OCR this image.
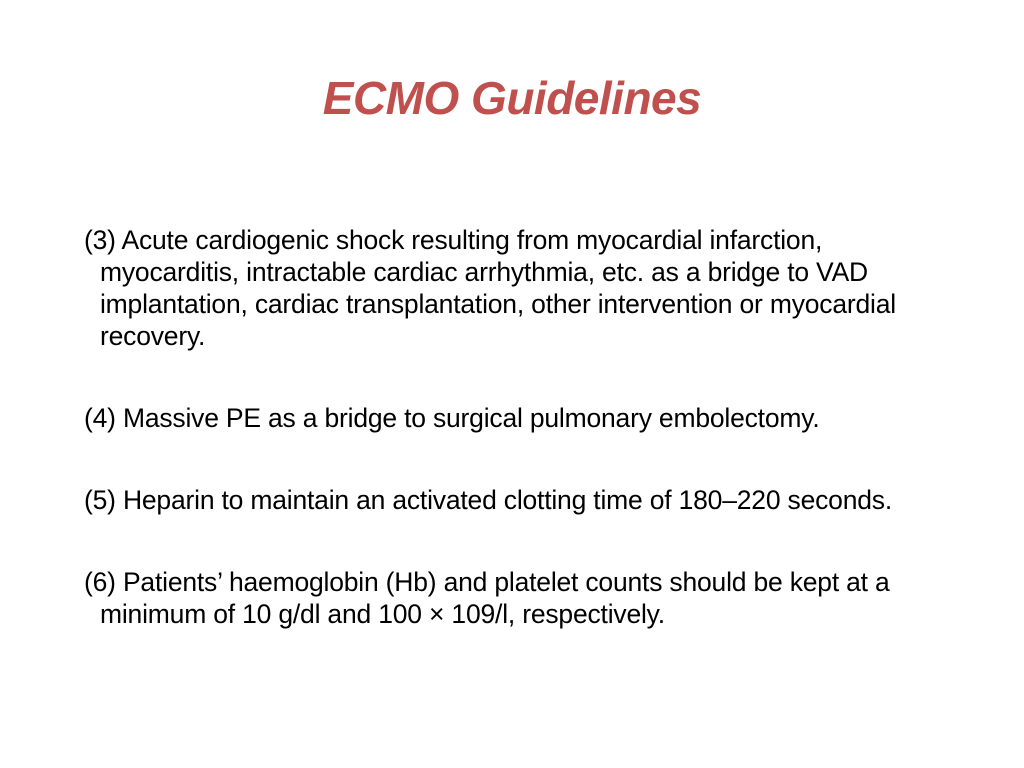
ECMO Guidelines

(3) Acute cardiogenic shock resulting from myocardial infarction, myocarditis, intractable cardiac arrhythmia, etc. as a bridge to VAD implantation, cardiac transplantation, other intervention or myocardial recovery.

(4) Massive PE as a bridge to surgical pulmonary embolectomy.

(5) Heparin to maintain an activated clotting time of 180–220 seconds.

(6) Patients’ haemoglobin (Hb) and platelet counts should be kept at a minimum of 10 g/dl and 100 × 109/l, respectively.
